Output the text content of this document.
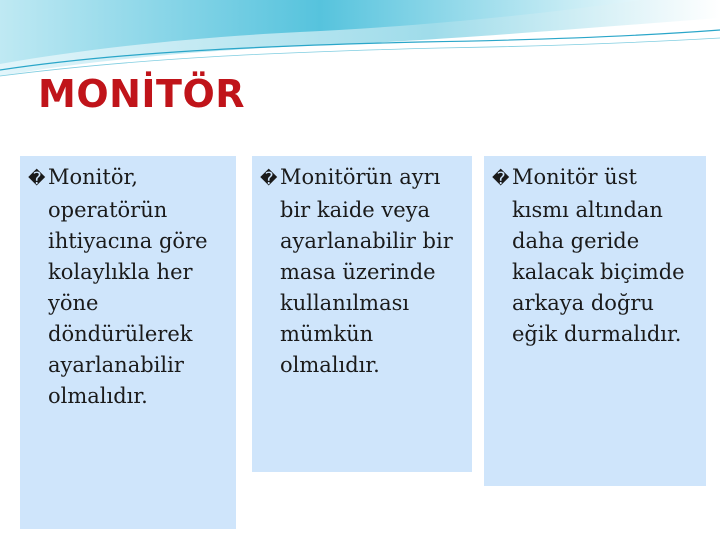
MONİTÖR

� Monitör, operatörün ihtiyacına göre kolaylıkla her yöne döndürülerek ayarlanabilir olmalıdır.

� Monitörün ayrı bir kaide veya ayarlanabilir bir masa üzerinde kullanılması mümkün olmalıdır.

� Monitör üst kısmı altından daha geride kalacak biçimde arkaya doğru eğik durmalıdır.
